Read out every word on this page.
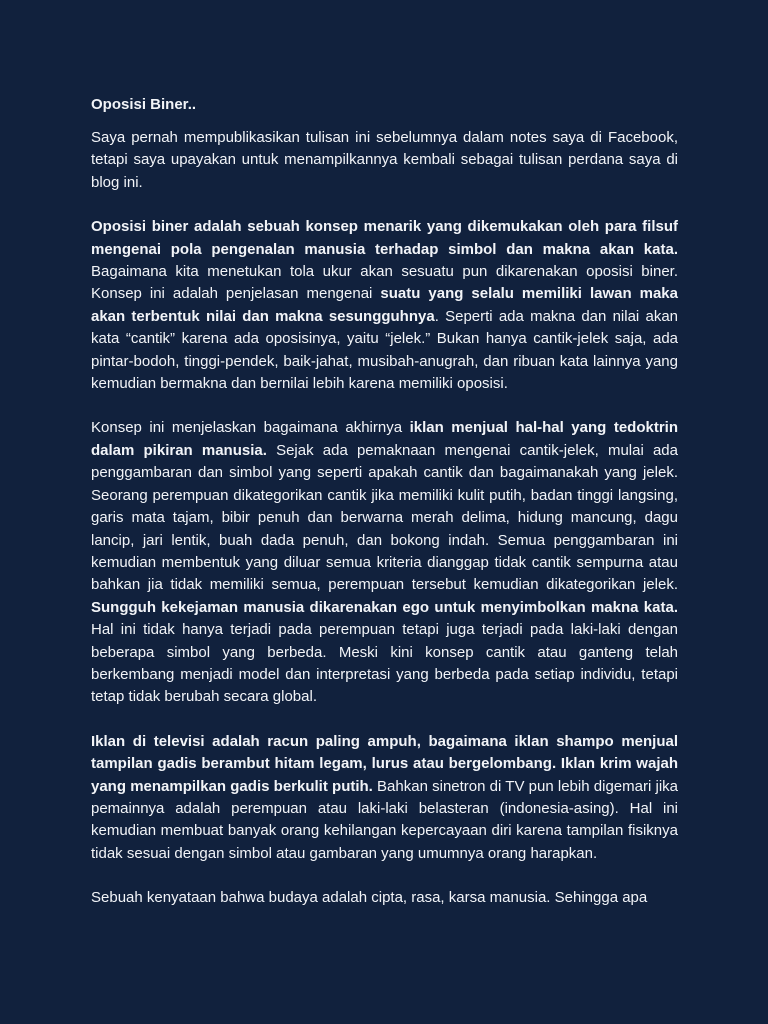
Oposisi Biner..

Saya pernah mempublikasikan tulisan ini sebelumnya dalam notes saya di Facebook, tetapi saya upayakan untuk menampilkannya kembali sebagai tulisan perdana saya di blog ini.

Oposisi biner adalah sebuah konsep menarik yang dikemukakan oleh para filsuf mengenai pola pengenalan manusia terhadap simbol dan makna akan kata. Bagaimana kita menetukan tola ukur akan sesuatu pun dikarenakan oposisi biner. Konsep ini adalah penjelasan mengenai suatu yang selalu memiliki lawan maka akan terbentuk nilai dan makna sesungguhnya. Seperti ada makna dan nilai akan kata “cantik” karena ada oposisinya, yaitu “jelek.” Bukan hanya cantik-jelek saja, ada pintar-bodoh, tinggi-pendek, baik-jahat, musibah-anugrah, dan ribuan kata lainnya yang kemudian bermakna dan bernilai lebih karena memiliki oposisi.

Konsep ini menjelaskan bagaimana akhirnya iklan menjual hal-hal yang tedoktrin dalam pikiran manusia. Sejak ada pemaknaan mengenai cantik-jelek, mulai ada penggambaran dan simbol yang seperti apakah cantik dan bagaimanakah yang jelek. Seorang perempuan dikategorikan cantik jika memiliki kulit putih, badan tinggi langsing, garis mata tajam, bibir penuh dan berwarna merah delima, hidung mancung, dagu lancip, jari lentik, buah dada penuh, dan bokong indah. Semua penggambaran ini kemudian membentuk yang diluar semua kriteria dianggap tidak cantik sempurna atau bahkan jia tidak memiliki semua, perempuan tersebut kemudian dikategorikan jelek. Sungguh kekejaman manusia dikarenakan ego untuk menyimbolkan makna kata. Hal ini tidak hanya terjadi pada perempuan tetapi juga terjadi pada laki-laki dengan beberapa simbol yang berbeda. Meski kini konsep cantik atau ganteng telah berkembang menjadi model dan interpretasi yang berbeda pada setiap individu, tetapi tetap tidak berubah secara global.

Iklan di televisi adalah racun paling ampuh, bagaimana iklan shampo menjual tampilan gadis berambut hitam legam, lurus atau bergelombang. Iklan krim wajah yang menampilkan gadis berkulit putih. Bahkan sinetron di TV pun lebih digemari jika pemainnya adalah perempuan atau laki-laki belasteran (indonesia-asing). Hal ini kemudian membuat banyak orang kehilangan kepercayaan diri karena tampilan fisiknya tidak sesuai dengan simbol atau gambaran yang umumnya orang harapkan.

Sebuah kenyataan bahwa budaya adalah cipta, rasa, karsa manusia. Sehingga apa
